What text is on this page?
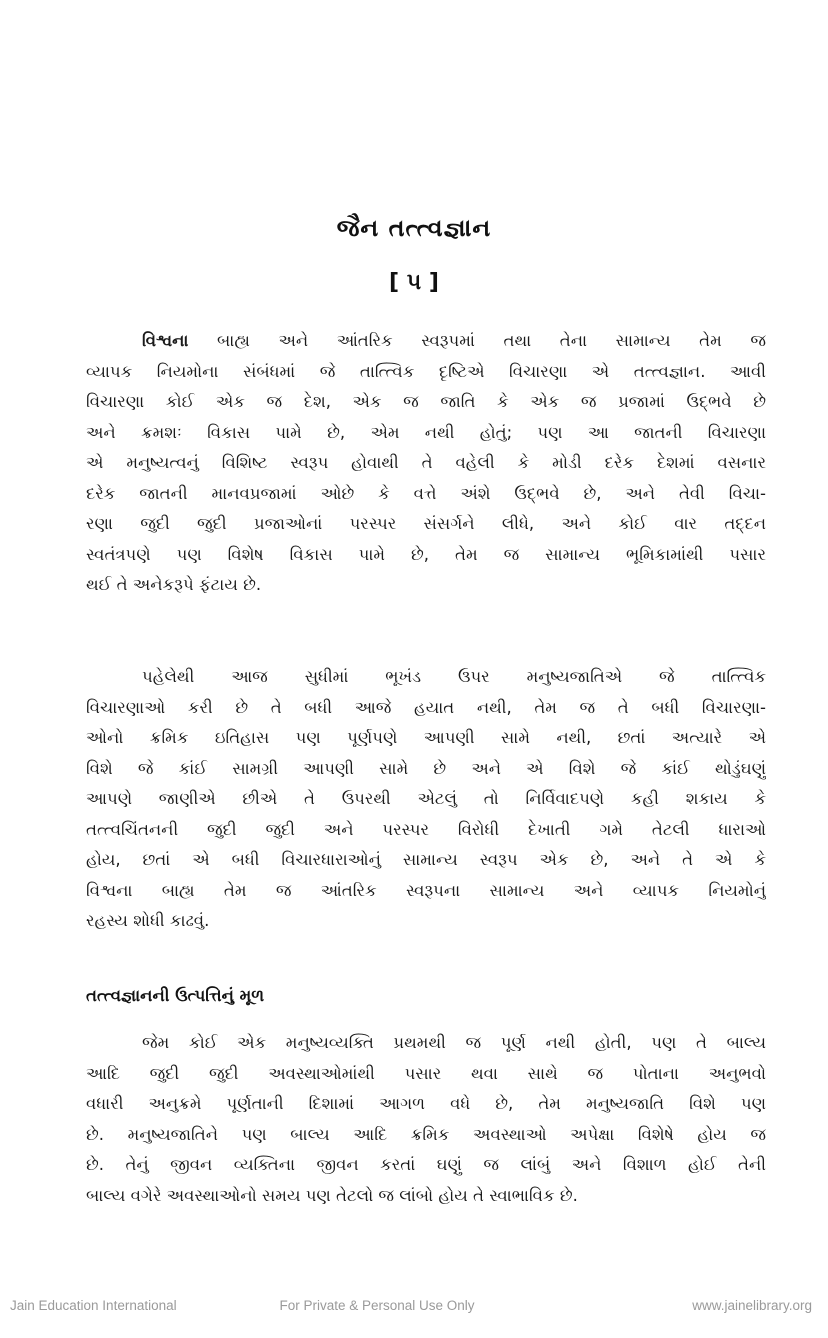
જૈન તત્ત્વજ્ઞાન
[ ૫ ]
વિશ્વના બાહ્ય અને આંતરિક સ્વરૂપમાં તથા તેના સામાન્ય તેમ જ
વ્યાપક નિયમોના સંબંધમાં જે તાત્ત્વિક દૃષ્ટિએ વિચારણા એ તત્ત્વજ્ઞાન. આવી
વિચારણા કોઈ એક જ દેશ, એક જ જાતિ કે એક જ પ્રજામાં ઉદ્ભવે છે
અને ક્રમશઃ વિકાસ પામે છે, એમ નથી હોતું; પણ આ જાતની વિચારણા
એ મનુષ્યત્વનું વિશિષ્ટ સ્વરૂપ હોવાથી તે વહેલી કે મોડી દરેક દેશમાં વસનાર
દરેક જાતની માનવપ્રજામાં ઓછે કે વત્તે અંશે ઉદ્ભવે છે, અને તેવી વિચા-
રણા જુદી જુદી પ્રજાઓનાં પરસ્પર સંસર્ગને લીધે, અને કોઈ વાર તદ્દન
સ્વતંત્રપણે પણ વિશેષ વિકાસ પામે છે, તેમ જ સામાન્ય ભૂમિકામાંથી પસાર
થઈ તે અનેકરૂપે ફંટાય છે.
પહેલેથી આજ સુધીમાં ભૂખંડ ઉપર મનુષ્યજાતિએ જે તાત્ત્વિક
વિચારણાઓ કરી છે તે બધી આજે હયાત નથી, તેમ જ તે બધી વિચારણા-
ઓનો ક્રમિક ઇતિહાસ પણ પૂર્ણપણે આપણી સામે નથી, છતાં અત્યારે એ
વિશે જે કાંઈ સામગ્રી આપણી સામે છે અને એ વિશે જે કાંઈ થોડુંઘણું
આપણે જાણીએ છીએ તે ઉપરથી એટલું તો નિર્વિવાદપણે કહી શકાય કે
તત્ત્વચિંતનની જુદી જુદી અને પરસ્પર વિરોધી દેખાતી ગમે તેટલી ધારાઓ
હોય, છતાં એ બધી વિચારધારાઓનું સામાન્ય સ્વરૂપ એક છે, અને તે એ કે
વિશ્વના બાહ્ય તેમ જ આંતરિક સ્વરૂપના સામાન્ય અને વ્યાપક નિયમોનું
રહસ્ય શોધી કાઢવું.
તત્ત્વજ્ઞાનની ઉત્પત્તિનું મૂળ
જેમ કોઈ એક મનુષ્યવ્યક્તિ પ્રથમથી જ પૂર્ણ નથી હોતી, પણ તે બાલ્ય
આદિ જુદી જુદી અવસ્થાઓમાંથી પસાર થવા સાથે જ પોતાના અનુભવો
વધારી અનુક્રમે પૂર્ણતાની દિશામાં આગળ વધે છે, તેમ મનુષ્યજાતિ વિશે પણ
છે. મનુષ્યજાતિને પણ બાલ્ય આદિ ક્રમિક અવસ્થાઓ અપેક્ષા વિશેષે હોય જ
છે. તેનું જીવન વ્યક્તિના જીવન કરતાં ઘણું જ લાંબું અને વિશાળ હોઈ તેની
બાલ્ય વગેરે અવસ્થાઓનો સમય પણ તેટલો જ લાંબો હોય તે સ્વાભાવિક છે.
Jain Education International	For Private & Personal Use Only	www.jainelibrary.org
